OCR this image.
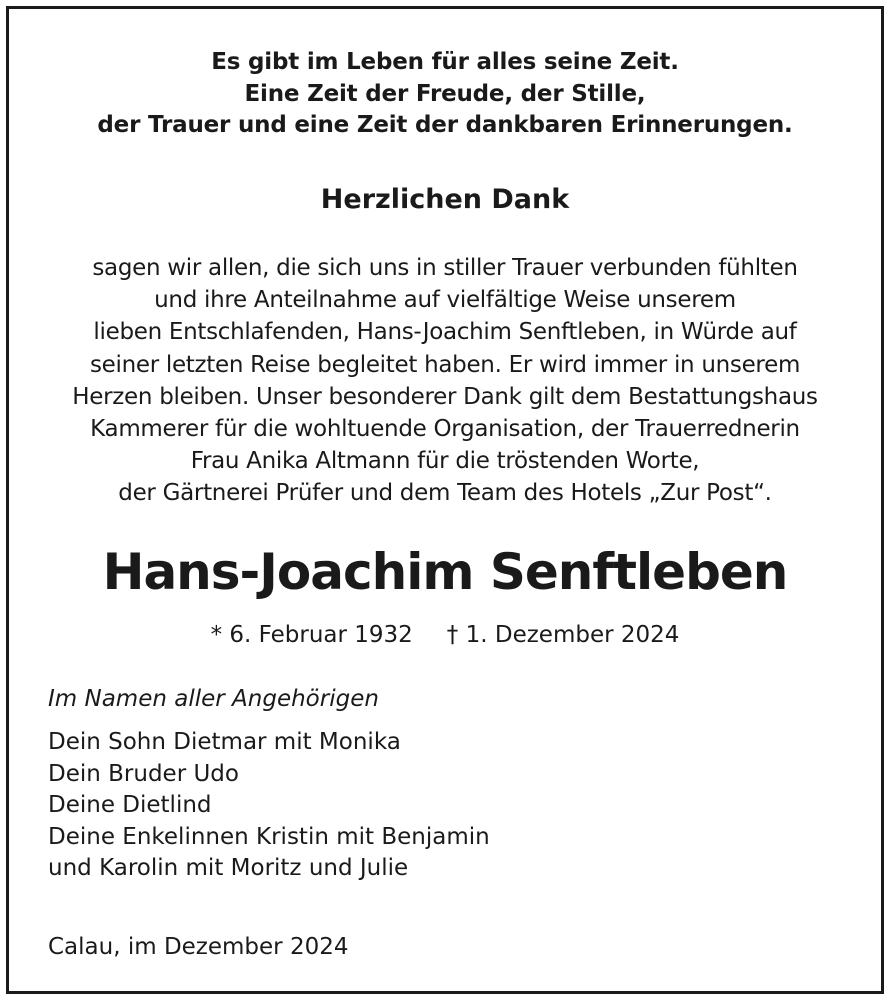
Es gibt im Leben für alles seine Zeit.
Eine Zeit der Freude, der Stille,
der Trauer und eine Zeit der dankbaren Erinnerungen.
Herzlichen Dank
sagen wir allen, die sich uns in stiller Trauer verbunden fühlten
und ihre Anteilnahme auf vielfältige Weise unserem
lieben Entschlafenden, Hans-Joachim Senftleben, in Würde auf
seiner letzten Reise begleitet haben. Er wird immer in unserem
Herzen bleiben. Unser besonderer Dank gilt dem Bestattungshaus
Kammerer für die wohltuende Organisation, der Trauerrednerin
Frau Anika Altmann für die tröstenden Worte,
der Gärtnerei Prüfer und dem Team des Hotels „Zur Post“.
Hans-Joachim Senftleben
* 6. Februar 1932 † 1. Dezember 2024
Im Namen aller Angehörigen
Dein Sohn Dietmar mit Monika
Dein Bruder Udo
Deine Dietlind
Deine Enkelinnen Kristin mit Benjamin
und Karolin mit Moritz und Julie
Calau, im Dezember 2024
